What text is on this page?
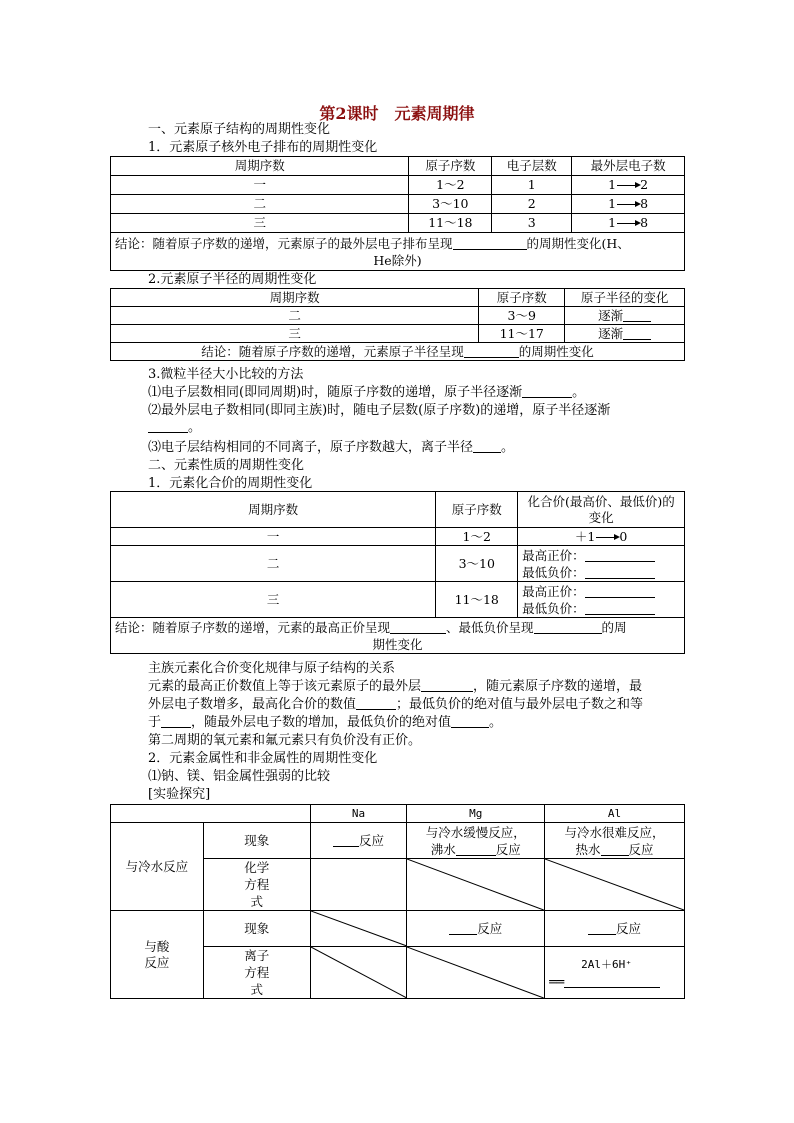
第2课时　元素周期律
一、元素原子结构的周期性变化
1．元素原子核外电子排布的周期性变化
周期序数	原子序数	电子层数	最外层电子数
一	1～2	1	1 2
二	3～10	2	1 8
三	11～18	3	1 8
结论：随着原子序数的递增，元素原子的最外层电子排布呈现 的周期性变化(H、
He除外)			
2.元素原子半径的周期性变化
周期序数	原子序数	原子半径的变化
二	3～9	逐渐
三	11～17	逐渐
结论：随着原子序数的递增，元素原子半径呈现 的周期性变化		
3.微粒半径大小比较的方法
⑴电子层数相同(即同周期)时，随原子序数的递增，原子半径逐渐	。
⑵最外层电子数相同(即同主族)时，随电子层数(原子序数)的递增，原子半径逐渐
。
⑶电子层结构相同的不同离子，原子序数越大，离子半径 。
二、元素性质的周期性变化
1．元素化合价的周期性变化
周期序数	原子序数	化合价(最高价、最低价)的变化
一	1～2	＋1 0
二	3～10	最高正价：
最低负价：
三	11～18	最高正价：
最低负价：
结论：随着原子序数的递增，元素的最高正价呈现 、最低负价呈现 的周
期性变化		
主族元素化合价变化规律与原子结构的关系
元素的最高正价数值上等于该元素原子的最外层	，随元素原子序数的递增，最
外层电子数增多，最高化合价的数值	；最低负价的绝对值与最外层电子数之和等
于 ，随最外层电子数的增加，最低负价的绝对值	。
第二周期的氧元素和氟元素只有负价没有正价。
2．元素金属性和非金属性的周期性变化
⑴钠、镁、铝金属性强弱的比较
[实验探究]
		Na	Mg	Al
与冷水反应	现象	反应	与冷水缓慢反应，
沸水 反应	与冷水很难反应，
热水 反应
	化学方程式		

与酸反应	现象		反应	反应
	离子方程式			2Al＋6H⁺
══
